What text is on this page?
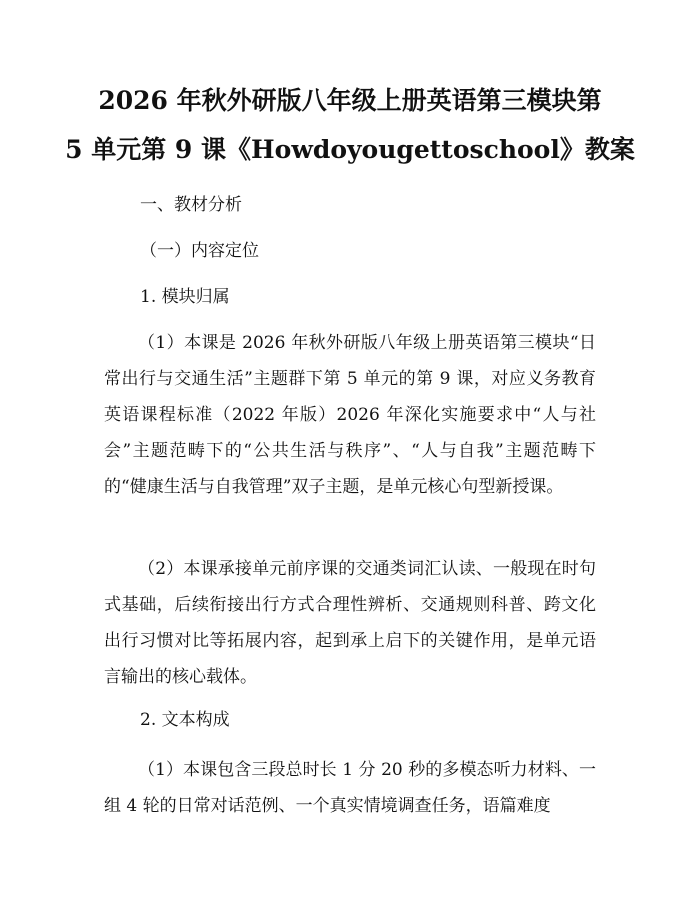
2026 年秋外研版八年级上册英语第三模块第
5 单元第 9 课《Howdoyougettoschool》教案
一、教材分析
（一）内容定位
1. 模块归属

（1）本课是 2026 年秋外研版八年级上册英语第三模块“日常出行与交通生活”主题群下第 5 单元的第 9 课，对应义务教育英语课程标准（2022 年版）2026 年深化实施要求中“人与社会”主题范畴下的“公共生活与秩序”、“人与自我”主题范畴下的“健康生活与自我管理”双子主题，是单元核心句型新授课。

（2）本课承接单元前序课的交通类词汇认读、一般现在时句式基础，后续衔接出行方式合理性辨析、交通规则科普、跨文化出行习惯对比等拓展内容，起到承上启下的关键作用，是单元语言输出的核心载体。

2. 文本构成

（1）本课包含三段总时长 1 分 20 秒的多模态听力材料、一组 4 轮的日常对话范例、一个真实情境调查任务，语篇难度
